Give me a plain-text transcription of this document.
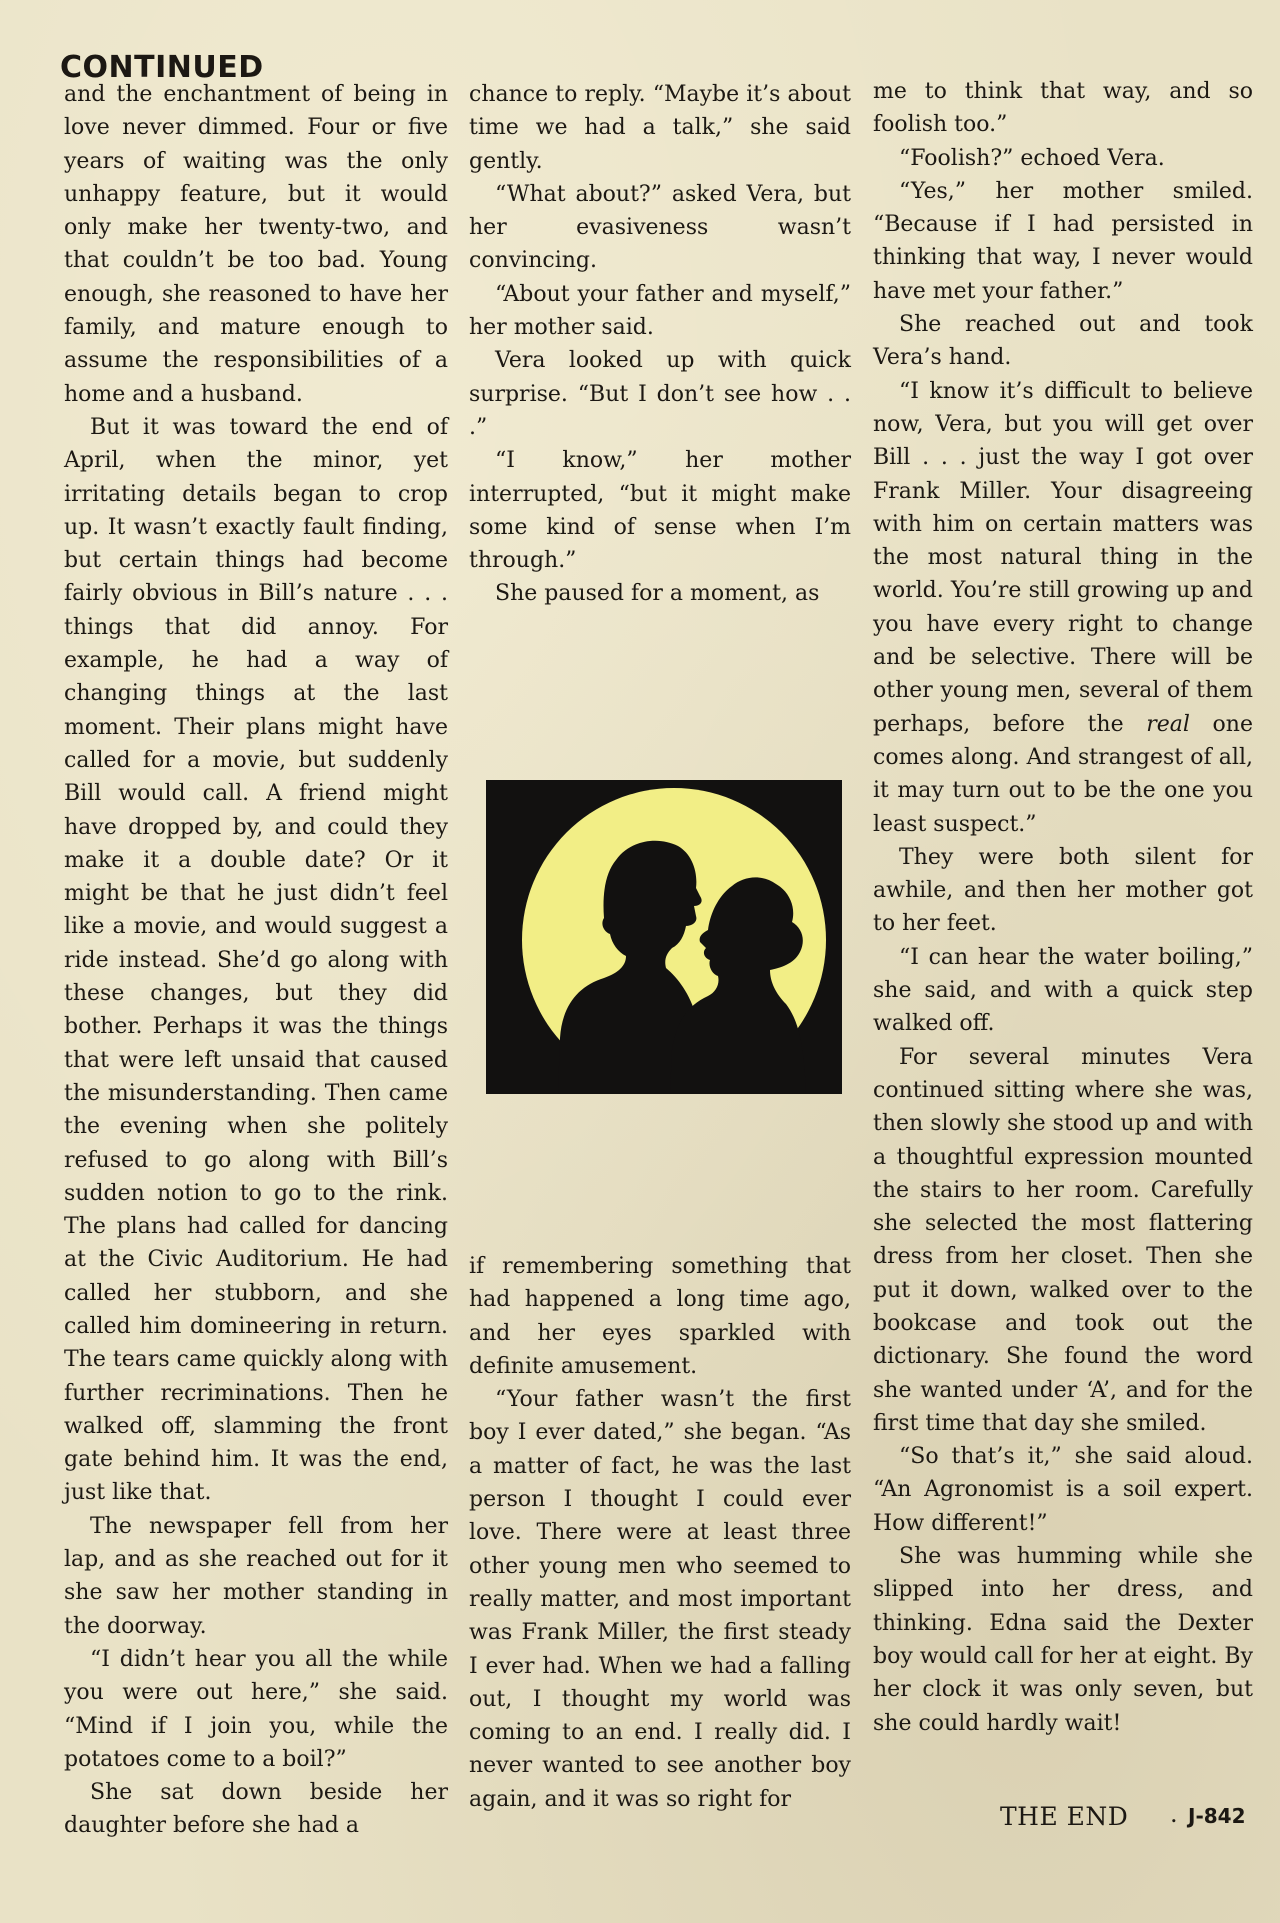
CONTINUED

and the enchantment of being in love never dimmed. Four or five years of waiting was the only unhappy feature, but it would only make her twenty-two, and that couldn’t be too bad. Young enough, she reasoned to have her family, and mature enough to assume the responsibilities of a home and a husband.

But it was toward the end of April, when the minor, yet irritating details began to crop up. It wasn’t exactly fault finding, but certain things had become fairly obvious in Bill’s nature . . . things that did annoy. For example, he had a way of changing things at the last moment. Their plans might have called for a movie, but suddenly Bill would call. A friend might have dropped by, and could they make it a double date? Or it might be that he just didn’t feel like a movie, and would suggest a ride instead. She’d go along with these changes, but they did bother. Perhaps it was the things that were left unsaid that caused the misunderstanding. Then came the evening when she politely refused to go along with Bill’s sudden notion to go to the rink. The plans had called for dancing at the Civic Auditorium. He had called her stubborn, and she called him domineering in return. The tears came quickly along with further recriminations. Then he walked off, slamming the front gate behind him. It was the end, just like that.

The newspaper fell from her lap, and as she reached out for it she saw her mother standing in the doorway.

“I didn’t hear you all the while you were out here,” she said. “Mind if I join you, while the potatoes come to a boil?”

She sat down beside her daughter before she had a

chance to reply. “Maybe it’s about time we had a talk,” she said gently.

“What about?” asked Vera, but her evasiveness wasn’t convincing.

“About your father and myself,” her mother said.

Vera looked up with quick surprise. “But I don’t see how . . .”

“I know,” her mother interrupted, “but it might make some kind of sense when I’m through.”

She paused for a moment, as

if remembering something that had happened a long time ago, and her eyes sparkled with definite amusement.

“Your father wasn’t the first boy I ever dated,” she began. “As a matter of fact, he was the last person I thought I could ever love. There were at least three other young men who seemed to really matter, and most important was Frank Miller, the first steady I ever had. When we had a falling out, I thought my world was coming to an end. I really did. I never wanted to see another boy again, and it was so right for

me to think that way, and so foolish too.”

“Foolish?” echoed Vera.

“Yes,” her mother smiled. “Because if I had persisted in thinking that way, I never would have met your father.”

She reached out and took Vera’s hand.

“I know it’s difficult to believe now, Vera, but you will get over Bill . . . just the way I got over Frank Miller. Your disagreeing with him on certain matters was the most natural thing in the world. You’re still growing up and you have every right to change and be selective. There will be other young men, several of them perhaps, before the real one comes along. And strangest of all, it may turn out to be the one you least suspect.”

They were both silent for awhile, and then her mother got to her feet.

“I can hear the water boiling,” she said, and with a quick step walked off.

For several minutes Vera continued sitting where she was, then slowly she stood up and with a thoughtful expression mounted the stairs to her room. Carefully she selected the most flattering dress from her closet. Then she put it down, walked over to the bookcase and took out the dictionary. She found the word she wanted under ‘A’, and for the first time that day she smiled.

“So that’s it,” she said aloud. “An Agronomist is a soil expert. How different!”

She was humming while she slipped into her dress, and thinking. Edna said the Dexter boy would call for her at eight. By her clock it was only seven, but she could hardly wait!

THE END . J-842
